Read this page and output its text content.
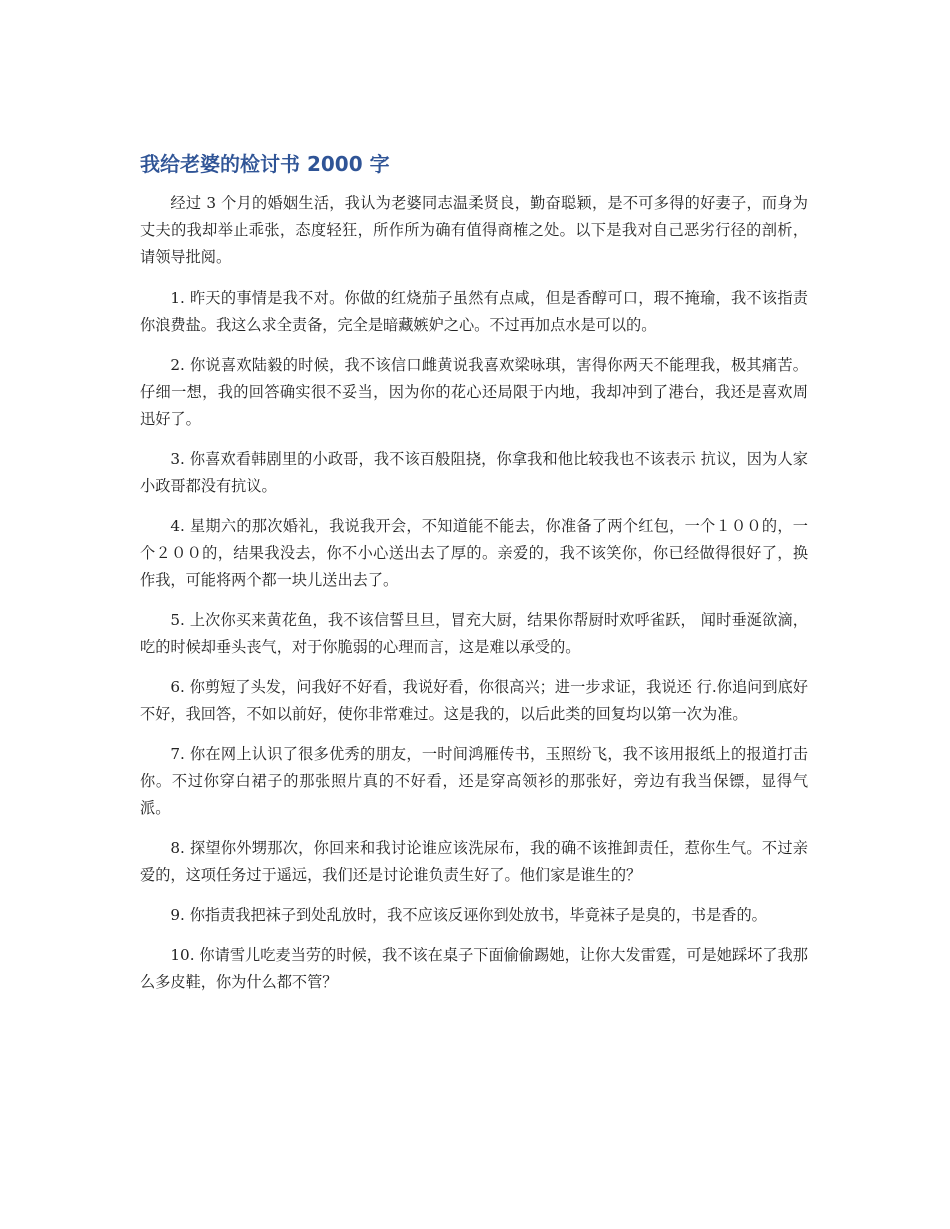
我给老婆的检讨书 2000 字

经过 3 个月的婚姻生活，我认为老婆同志温柔贤良，勤奋聪颖，是不可多得的好妻子，而身为丈夫的我却举止乖张，态度轻狂，所作所为确有值得商榷之处。以下是我对自己恶劣行径的剖析，请领导批阅。

1. 昨天的事情是我不对。你做的红烧茄子虽然有点咸，但是香醇可口，瑕不掩瑜，我不该指责你浪费盐。我这么求全责备，完全是暗藏嫉妒之心。不过再加点水是可以的。

2. 你说喜欢陆毅的时候，我不该信口雌黄说我喜欢梁咏琪，害得你两天不能理我，极其痛苦。仔细一想，我的回答确实很不妥当，因为你的花心还局限于内地，我却冲到了港台，我还是喜欢周迅好了。

3. 你喜欢看韩剧里的小政哥，我不该百般阻挠，你拿我和他比较我也不该表示 抗议，因为人家小政哥都没有抗议。

4. 星期六的那次婚礼，我说我开会，不知道能不能去，你准备了两个红包，一个１００的，一个２００的，结果我没去，你不小心送出去了厚的。亲爱的，我不该笑你，你已经做得很好了，换作我，可能将两个都一块儿送出去了。

5. 上次你买来黄花鱼，我不该信誓旦旦，冒充大厨，结果你帮厨时欢呼雀跃， 闻时垂涎欲滴，吃的时候却垂头丧气，对于你脆弱的心理而言，这是难以承受的。

6. 你剪短了头发，问我好不好看，我说好看，你很高兴；进一步求证，我说还 行.你追问到底好不好，我回答，不如以前好，使你非常难过。这是我的，以后此类的回复均以第一次为准。

7. 你在网上认识了很多优秀的朋友，一时间鸿雁传书，玉照纷飞，我不该用报纸上的报道打击你。不过你穿白裙子的那张照片真的不好看，还是穿高领衫的那张好，旁边有我当保镖，显得气派。

8. 探望你外甥那次，你回来和我讨论谁应该洗尿布，我的确不该推卸责任，惹你生气。不过亲爱的，这项任务过于遥远，我们还是讨论谁负责生好了。他们家是谁生的？

9. 你指责我把袜子到处乱放时，我不应该反诬你到处放书，毕竟袜子是臭的，书是香的。

10. 你请雪儿吃麦当劳的时候，我不该在桌子下面偷偷踢她，让你大发雷霆，可是她踩坏了我那么多皮鞋，你为什么都不管？
